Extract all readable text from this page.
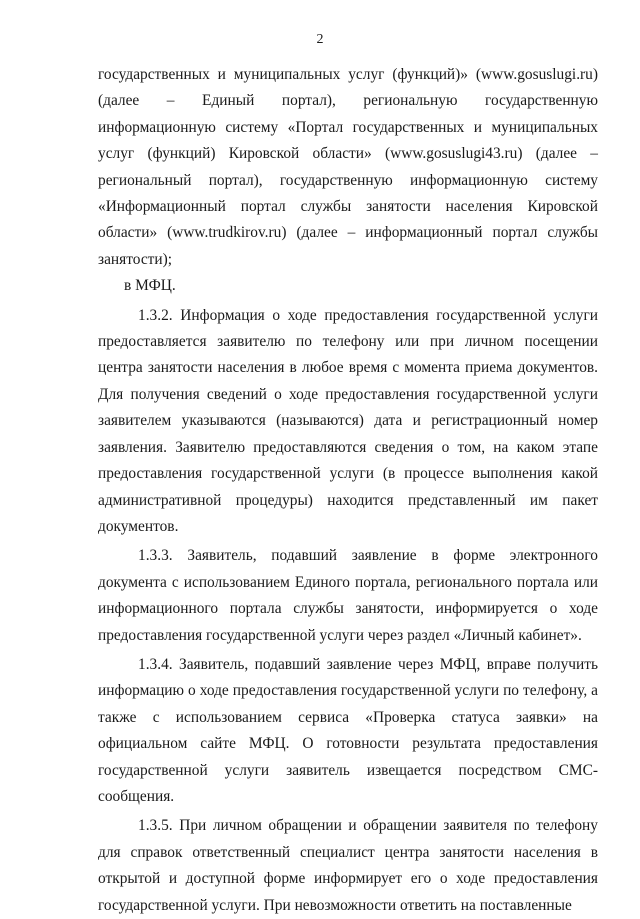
2

государственных и муниципальных услуг (функций)» (www.gosuslugi.ru) (далее – Единый портал), региональную государственную информационную систему «Портал государственных и муниципальных услуг (функций) Кировской области» (www.gosuslugi43.ru) (далее – региональный портал), государственную информационную систему «Информационный портал службы занятости населения Кировской области» (www.trudkirov.ru) (далее – информационный портал службы занятости);

в МФЦ.

1.3.2. Информация о ходе предоставления государственной услуги предоставляется заявителю по телефону или при личном посещении центра занятости населения в любое время с момента приема документов. Для получения сведений о ходе предоставления государственной услуги заявителем указываются (называются) дата и регистрационный номер заявления. Заявителю предоставляются сведения о том, на каком этапе предоставления государственной услуги (в процессе выполнения какой административной процедуры) находится представленный им пакет документов.

1.3.3. Заявитель, подавший заявление в форме электронного документа с использованием Единого портала, регионального портала или информационного портала службы занятости, информируется о ходе предоставления государственной услуги через раздел «Личный кабинет».

1.3.4. Заявитель, подавший заявление через МФЦ, вправе получить информацию о ходе предоставления государственной услуги по телефону, а также с использованием сервиса «Проверка статуса заявки» на официальном сайте МФЦ. О готовности результата предоставления государственной услуги заявитель извещается посредством СМС-сообщения.

1.3.5. При личном обращении и обращении заявителя по телефону для справок ответственный специалист центра занятости населения в открытой и доступной форме информирует его о ходе предоставления государственной услуги. При невозможности ответить на поставленные
